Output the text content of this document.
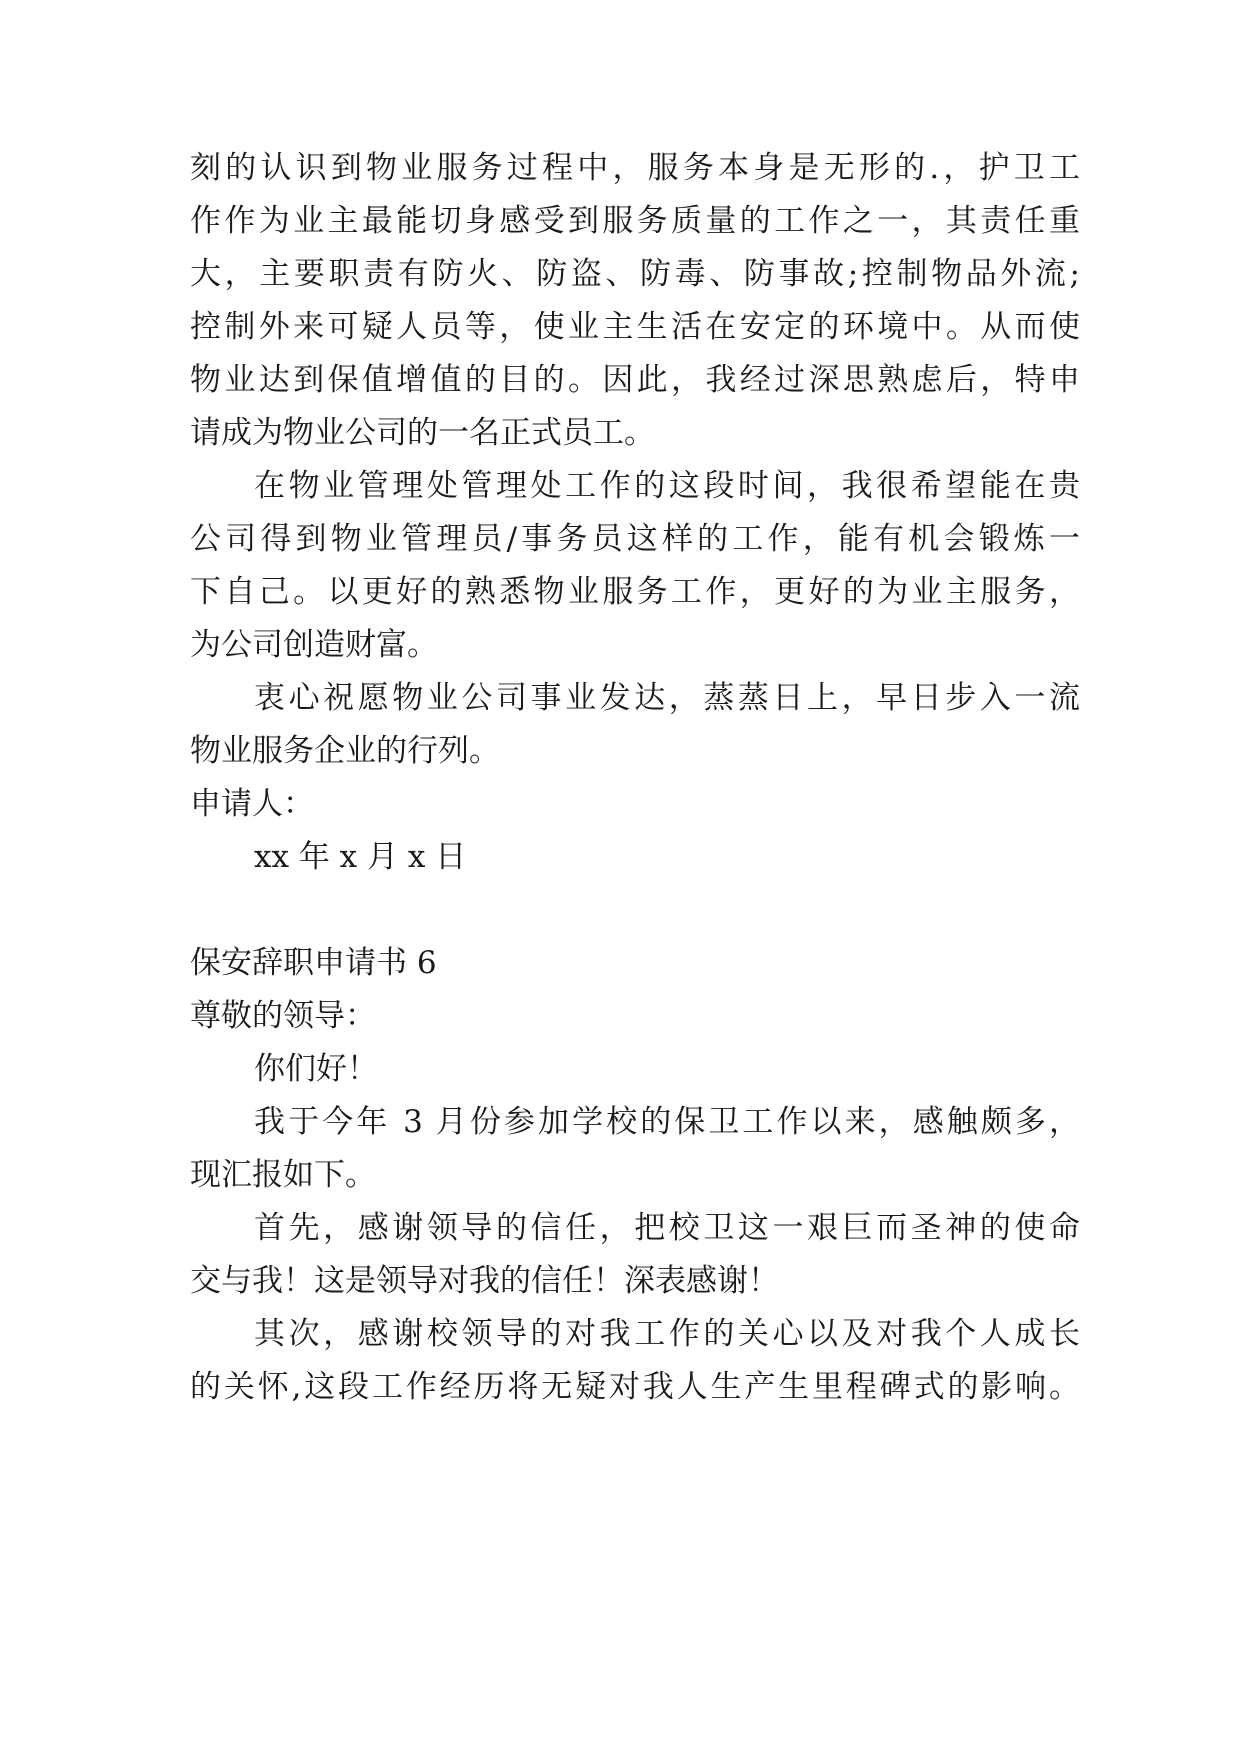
刻的认识到物业服务过程中，服务本身是无形的.，护卫工
作作为业主最能切身感受到服务质量的工作之一，其责任重
大，主要职责有防火、防盗、防毒、防事故;控制物品外流;
控制外来可疑人员等，使业主生活在安定的环境中。从而使
物业达到保值增值的目的。因此，我经过深思熟虑后，特申
请成为物业公司的一名正式员工。
在物业管理处管理处工作的这段时间，我很希望能在贵
公司得到物业管理员/事务员这样的工作，能有机会锻炼一
下自己。以更好的熟悉物业服务工作，更好的为业主服务，
为公司创造财富。
衷心祝愿物业公司事业发达，蒸蒸日上，早日步入一流
物业服务企业的行列。
申请人：
xx 年 x 月 x 日
保安辞职申请书 6
尊敬的领导：
你们好！
我于今年 3 月份参加学校的保卫工作以来，感触颇多，
现汇报如下。
首先，感谢领导的信任，把校卫这一艰巨而圣神的使命
交与我！这是领导对我的信任！深表感谢！
其次，感谢校领导的对我工作的关心以及对我个人成长
的关怀,这段工作经历将无疑对我人生产生里程碑式的影响。
